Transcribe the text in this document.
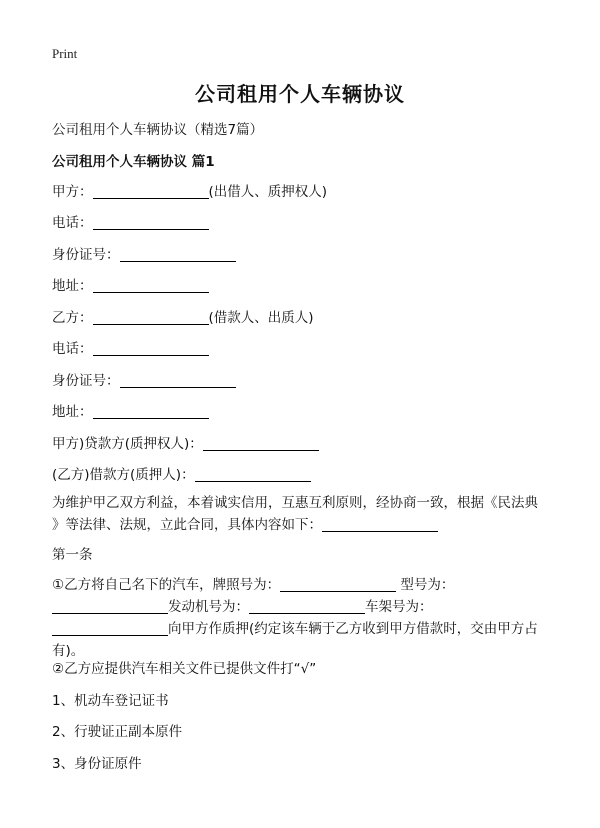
Print
公司租用个人车辆协议
公司租用个人车辆协议（精选7篇）
公司租用个人车辆协议 篇1
甲方：	(出借人、质押权人)
电话：
身份证号：
地址：
乙方：	(借款人、出质人)
电话：
身份证号：
地址：
甲方)贷款方(质押权人)：
(乙方)借款方(质押人)：
为维护甲乙双方利益，本着诚实信用，互惠互利原则，经协商一致，根据《民法典
》等法律、法规，立此合同，具体内容如下：
第一条
①乙方将自己名下的汽车，牌照号为：	型号为：
发动机号为：	车架号为：
向甲方作质押(约定该车辆于乙方收到甲方借款时，交由甲方占
有)。
②乙方应提供汽车相关文件已提供文件打“√”
1、机动车登记证书
2、行驶证正副本原件
3、身份证原件
